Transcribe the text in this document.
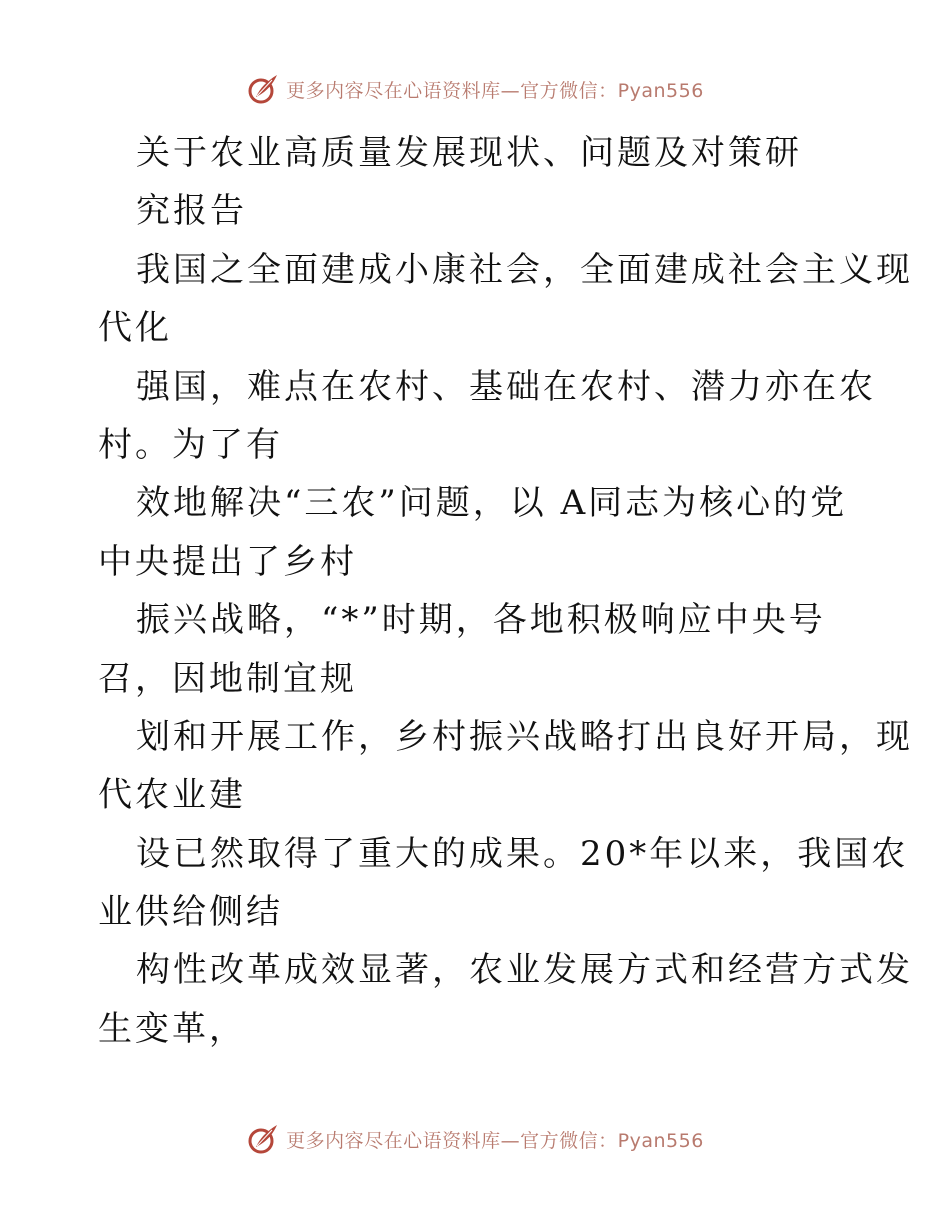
更多内容尽在心语资料库—官方微信：Pyan556
关于农业高质量发展现状、问题及对策研
究报告
我国之全面建成小康社会，全面建成社会主义现
代化
强国，难点在农村、基础在农村、潜力亦在农
村。为了有
效地解决“三农”问题，以 A同志为核心的党
中央提出了乡村
振兴战略，“*”时期，各地积极响应中央号
召，因地制宜规
划和开展工作，乡村振兴战略打出良好开局，现
代农业建
设已然取得了重大的成果。20*年以来，我国农
业供给侧结
构性改革成效显著，农业发展方式和经营方式发
生变革，
更多内容尽在心语资料库—官方微信：Pyan556
